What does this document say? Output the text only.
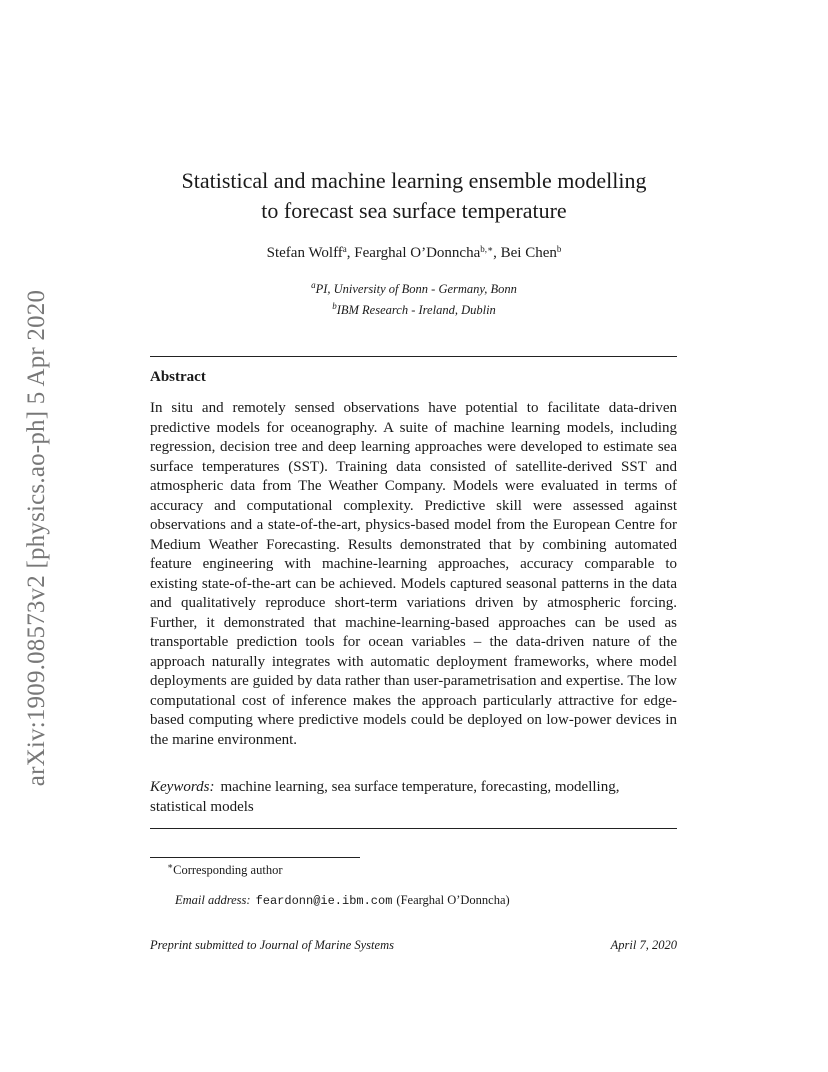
arXiv:1909.08573v2 [physics.ao-ph] 5 Apr 2020
Statistical and machine learning ensemble modelling
to forecast sea surface temperature
Stefan Wolff$^a$, Fearghal O’Donncha$^{b,∗}$, Bei Chen$^b$
$^a$PI, University of Bonn - Germany, Bonn
$^b$IBM Research - Ireland, Dublin
Abstract
In situ and remotely sensed observations have potential to facilitate data-driven predictive models for oceanography. A suite of machine learning models, including regression, decision tree and deep learning approaches were developed to estimate sea surface temperatures (SST). Training data consisted of satellite-derived SST and atmospheric data from The Weather Company. Models were evaluated in terms of accuracy and computational complexity. Predictive skill were assessed against observations and a state-of-the-art, physics-based model from the European Centre for Medium Weather Forecasting. Results demonstrated that by combining automated feature engineering with machine-learning approaches, accuracy comparable to existing state-of-the-art can be achieved. Models captured seasonal patterns in the data and qualitatively reproduce short-term variations driven by atmospheric forcing. Further, it demonstrated that machine-learning-based approaches can be used as transportable prediction tools for ocean variables – the data-driven nature of the approach naturally integrates with automatic deployment frameworks, where model deployments are guided by data rather than user-parametrisation and expertise. The low computational cost of inference makes the approach particularly attractive for edge-based computing where predictive models could be deployed on low-power devices in the marine environment.
Keywords: machine learning, sea surface temperature, forecasting, modelling, statistical models
∗Corresponding author
Email address: feardonn@ie.ibm.com (Fearghal O’Donncha)
Preprint submitted to Journal of Marine Systems	April 7, 2020
